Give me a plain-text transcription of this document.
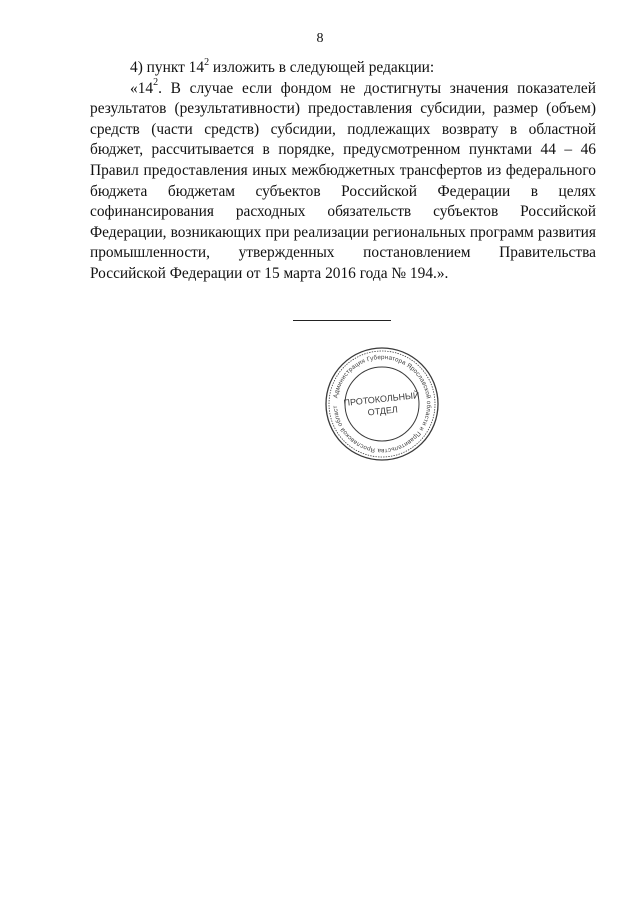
8

4) пункт $14^2$ изложить в следующей редакции:

«$14^2$. В случае если фондом не достигнуты значения показателей результатов (результативности) предоставления субсидии, размер (объем) средств (части средств) субсидии, подлежащих возврату в областной бюджет, рассчитывается в порядке, предусмотренном пунктами 44 – 46 Правил предоставления иных межбюджетных трансфертов из федерального бюджета бюджетам субъектов Российской Федерации в целях софинансирования расходных обязательств субъектов Российской Федерации, возникающих при реализации региональных программ развития промышленности, утвержденных постановлением Правительства Российской Федерации от 15 марта 2016 года № 194.».

Администрация Губернатора Ярославской области и Правительства Ярославской област ПРОТОКОЛЬНЫЙ
ОТДЕЛ
